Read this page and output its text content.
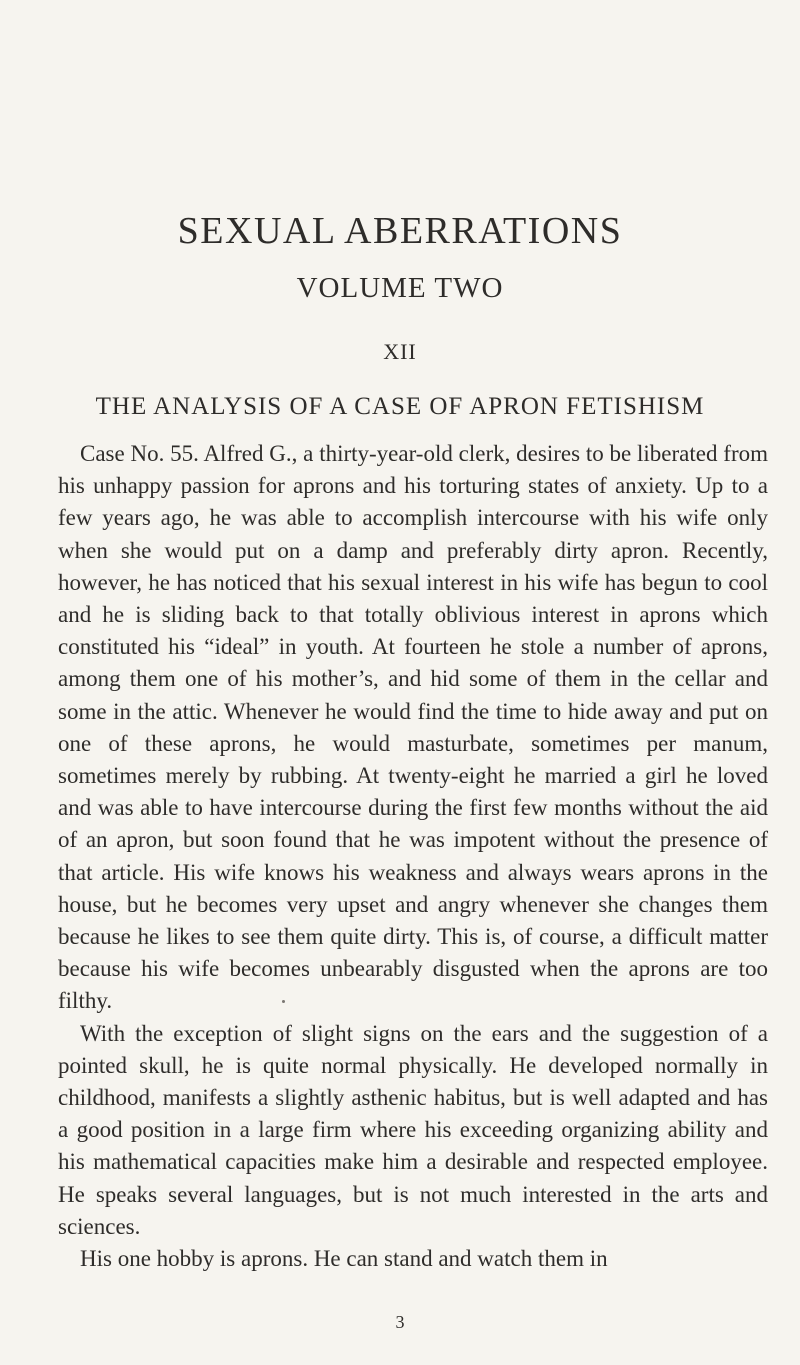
SEXUAL ABERRATIONS
VOLUME TWO
XII
THE ANALYSIS OF A CASE OF APRON FETISHISM

Case No. 55. Alfred G., a thirty-year-old clerk, desires to be liberated from his unhappy passion for aprons and his torturing states of anxiety. Up to a few years ago, he was able to accomplish intercourse with his wife only when she would put on a damp and preferably dirty apron. Recently, however, he has noticed that his sexual interest in his wife has begun to cool and he is sliding back to that totally oblivious interest in aprons which constituted his “ideal” in youth. At fourteen he stole a number of aprons, among them one of his mother’s, and hid some of them in the cellar and some in the attic. Whenever he would find the time to hide away and put on one of these aprons, he would masturbate, sometimes per manum, sometimes merely by rubbing. At twenty-eight he married a girl he loved and was able to have intercourse during the first few months without the aid of an apron, but soon found that he was impotent without the presence of that article. His wife knows his weakness and always wears aprons in the house, but he becomes very upset and angry whenever she changes them because he likes to see them quite dirty. This is, of course, a difficult matter because his wife becomes unbearably disgusted when the aprons are too filthy.

With the exception of slight signs on the ears and the suggestion of a pointed skull, he is quite normal physically. He developed normally in childhood, manifests a slightly asthenic habitus, but is well adapted and has a good position in a large firm where his exceeding organizing ability and his mathematical capacities make him a desirable and respected employee. He speaks several languages, but is not much interested in the arts and sciences.

His one hobby is aprons. He can stand and watch them in

3
